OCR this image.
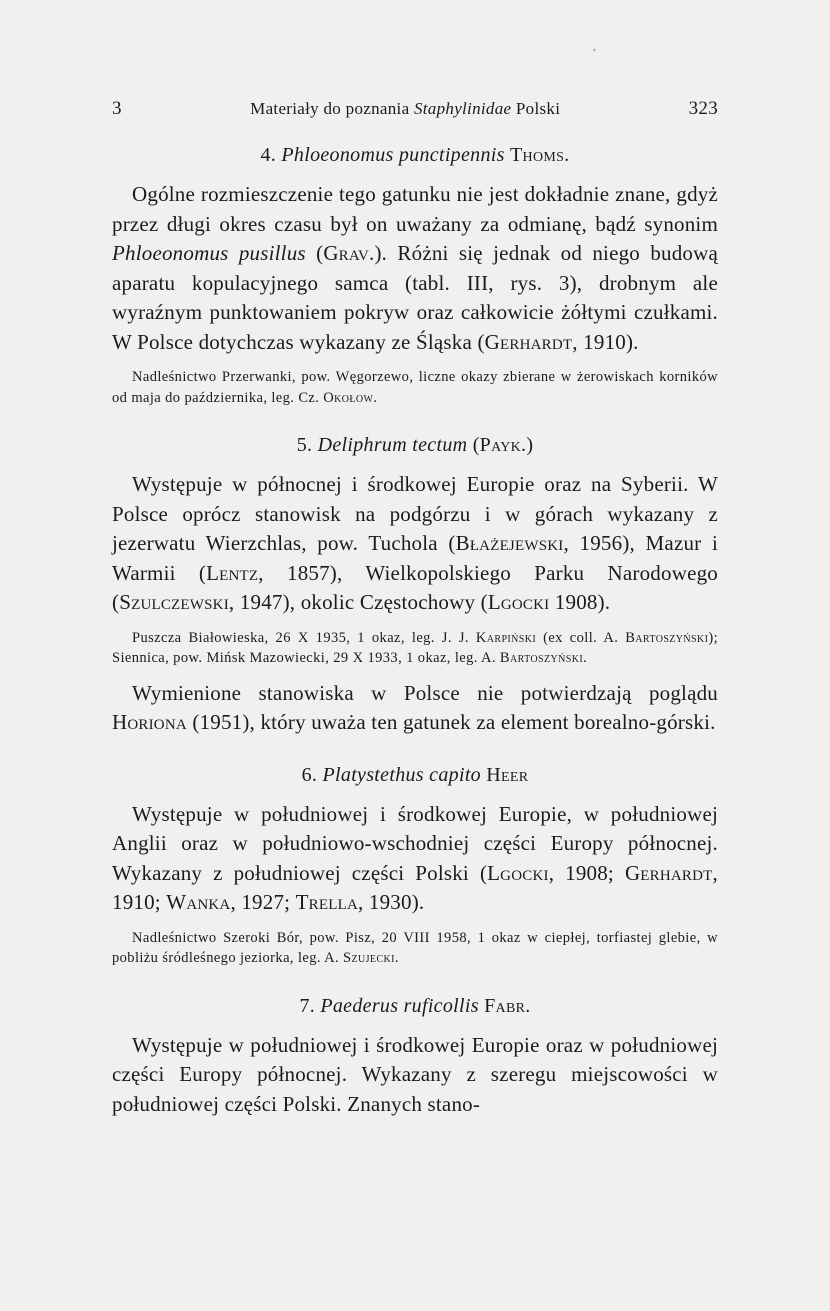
,
3	Materiały do poznania Staphylinidae Polski	323
4. Phloeonomus punctipennis Thoms.

Ogólne rozmieszczenie tego gatunku nie jest dokładnie znane, gdyż przez długi okres czasu był on uważany za odmianę, bądź synonim Phloeonomus pusillus (Grav.). Różni się jednak od niego budową aparatu kopulacyjnego samca (tabl. III, rys. 3), drobnym ale wyraźnym punktowaniem pokryw oraz całkowicie żółtymi czułkami. W Polsce dotychczas wykazany ze Śląska (Gerhardt, 1910).

Nadleśnictwo Przerwanki, pow. Węgorzewo, liczne okazy zbierane w żerowiskach korników od maja do października, leg. Cz. Okołow.

5. Deliphrum tectum (Payk.)

Występuje w północnej i środkowej Europie oraz na Syberii. W Polsce oprócz stanowisk na podgórzu i w górach wykazany z jezerwatu Wierzchlas, pow. Tuchola (Błażejewski, 1956), Mazur i Warmii (Lentz, 1857), Wielkopolskiego Parku Narodowego (Szulczewski, 1947), okolic Częstochowy (Lgocki 1908).

Puszcza Białowieska, 26 X 1935, 1 okaz, leg. J. J. Karpiński (ex coll. A. Bartoszyński); Siennica, pow. Mińsk Mazowiecki, 29 X 1933, 1 okaz, leg. A. Bartoszyński.

Wymienione stanowiska w Polsce nie potwierdzają poglądu Horiona (1951), który uważa ten gatunek za element borealno-górski.

6. Platystethus capito Heer

Występuje w południowej i środkowej Europie, w południowej Anglii oraz w południowo-wschodniej części Europy północnej. Wykazany z południowej części Polski (Lgocki, 1908; Gerhardt, 1910; Wanka, 1927; Trella, 1930).

Nadleśnictwo Szeroki Bór, pow. Pisz, 20 VIII 1958, 1 okaz w ciepłej, torfiastej glebie, w pobliżu śródleśnego jeziorka, leg. A. Szujecki.

7. Paederus ruficollis Fabr.

Występuje w południowej i środkowej Europie oraz w południowej części Europy północnej. Wykazany z szeregu miejscowości w południowej części Polski. Znanych stano-
